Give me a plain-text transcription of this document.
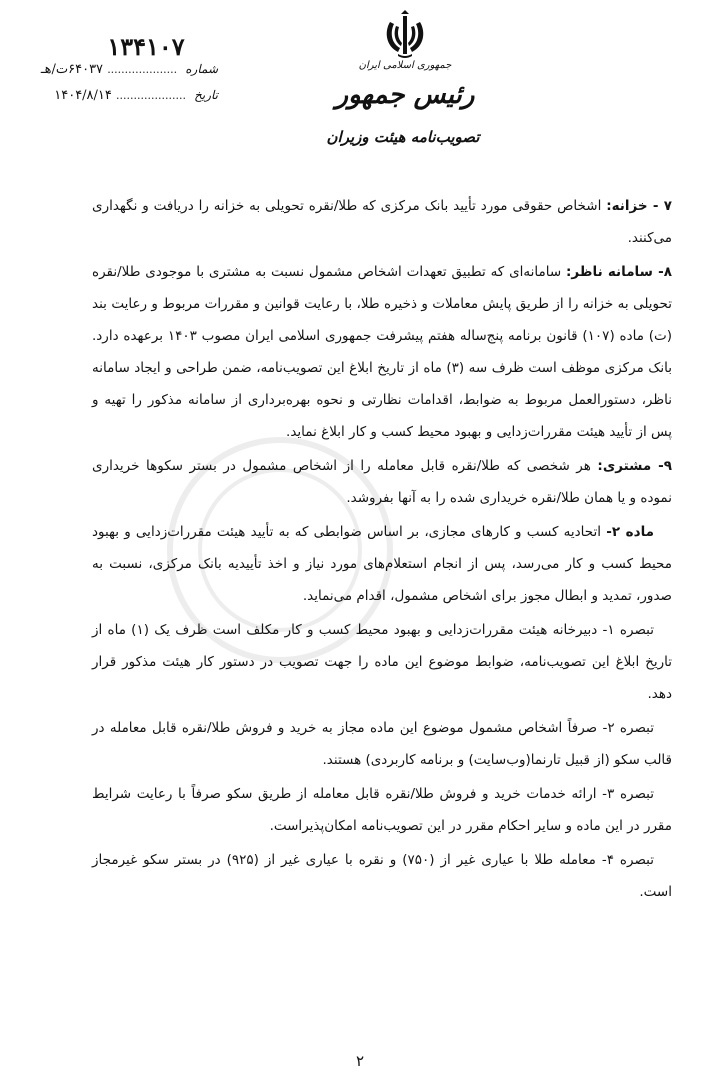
۱۳۴۱۰۷
شماره .................... ۶۴۰۳۷ت/هـ
تاریخ .................... ۱۴۰۴/۸/۱۴
جمهوری اسلامی ایران
رئیس جمهور
تصویب‌نامه هیئت وزیران

۷ - خزانه: اشخاص حقوقی مورد تأیید بانک مرکزی که طلا/نقره تحویلی به خزانه را دریافت و نگهداری می‌کنند.

۸- سامانه ناظر: سامانه‌ای که تطبیق تعهدات اشخاص مشمول نسبت به مشتری با موجودی طلا/نقره تحویلی به خزانه را از طریق پایش معاملات و ذخیره طلا، با رعایت قوانین و مقررات مربوط و رعایت بند (ت) ماده (۱۰۷) قانون برنامه پنج‌ساله هفتم پیشرفت جمهوری اسلامی ایران مصوب ۱۴۰۳ برعهده دارد. بانک مرکزی موظف است ظرف سه (۳) ماه از تاریخ ابلاغ این تصویب‌نامه، ضمن طراحی و ایجاد سامانه ناظر، دستورالعمل مربوط به ضوابط، اقدامات نظارتی و نحوه بهره‌برداری از سامانه مذکور را تهیه و پس از تأیید هیئت مقررات‌زدایی و بهبود محیط کسب و کار ابلاغ نماید.

۹- مشتری: هر شخصی که طلا/نقره قابل معامله را از اشخاص مشمول در بستر سکوها خریداری نموده و یا همان طلا/نقره خریداری شده را به آنها بفروشد.

ماده ۲- اتحادیه کسب و کارهای مجازی، بر اساس ضوابطی که به تأیید هیئت مقررات‌زدایی و بهبود محیط کسب و کار می‌رسد، پس از انجام استعلام‌های مورد نیاز و اخذ تأییدیه بانک مرکزی، نسبت به صدور، تمدید و ابطال مجوز برای اشخاص مشمول، اقدام می‌نماید.

تبصره ۱- دبیرخانه هیئت مقررات‌زدایی و بهبود محیط کسب و کار مکلف است ظرف یک (۱) ماه از تاریخ ابلاغ این تصویب‌نامه، ضوابط موضوع این ماده را جهت تصویب در دستور کار هیئت مذکور قرار دهد.

تبصره ۲- صرفاً اشخاص مشمول موضوع این ماده مجاز به خرید و فروش طلا/نقره قابل معامله در قالب سکو (از قبیل تارنما(وب‌سایت) و برنامه کاربردی) هستند.

تبصره ۳- ارائه خدمات خرید و فروش طلا/نقره قابل معامله از طریق سکو صرفاً با رعایت شرایط مقرر در این ماده و سایر احکام مقرر در این تصویب‌نامه امکان‌پذیراست.

تبصره ۴- معامله طلا با عیاری غیر از (۷۵۰) و نقره با عیاری غیر از (۹۲۵) در بستر سکو غیرمجاز است.

۲
